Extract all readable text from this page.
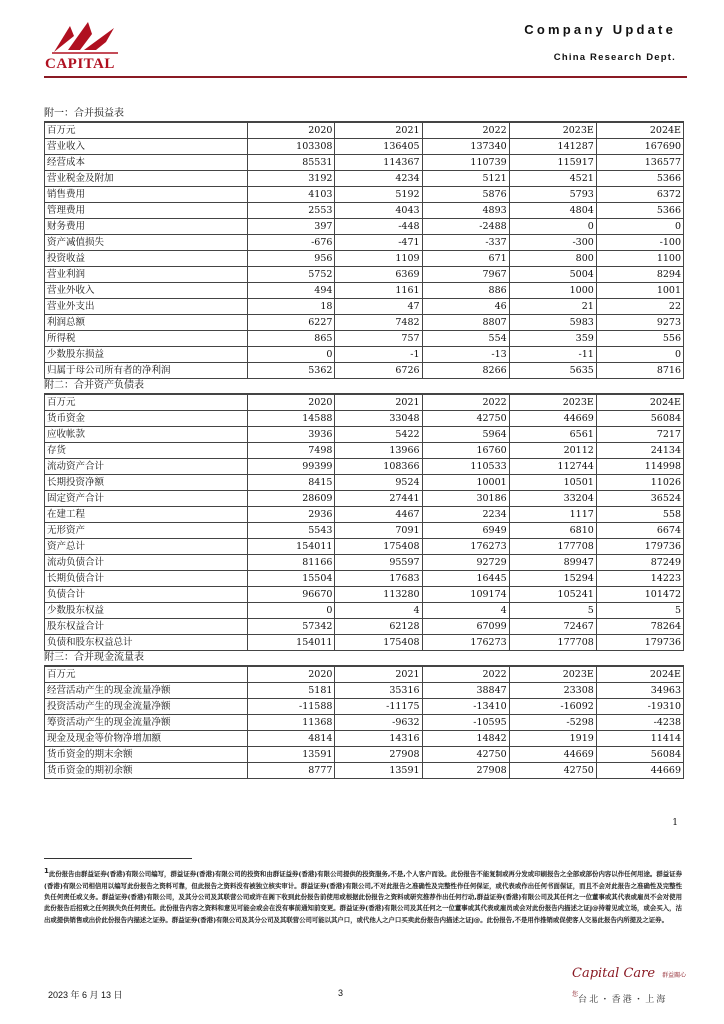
CAPITAL
Company Update
China Research Dept.
附一：合并损益表
百万元	2020	2021	2022	2023E	2024E
营业收入	103308	136405	137340	141287	167690
经营成本	85531	114367	110739	115917	136577
营业税金及附加	3192	4234	5121	4521	5366
销售费用	4103	5192	5876	5793	6372
管理费用	2553	4043	4893	4804	5366
财务费用	397	-448	-2488	0	0
资产减值损失	-676	-471	-337	-300	-100
投资收益	956	1109	671	800	1100
营业利润	5752	6369	7967	5004	8294
营业外收入	494	1161	886	1000	1001
营业外支出	18	47	46	21	22
利润总额	6227	7482	8807	5983	9273
所得税	865	757	554	359	556
少数股东损益	0	-1	-13	-11	0
归属于母公司所有者的净利润	5362	6726	8266	5635	8716
附二：合并资产负债表
百万元	2020	2021	2022	2023E	2024E
货币资金	14588	33048	42750	44669	56084
应收帐款	3936	5422	5964	6561	7217
存货	7498	13966	16760	20112	24134
流动资产合计	99399	108366	110533	112744	114998
长期投资净额	8415	9524	10001	10501	11026
固定资产合计	28609	27441	30186	33204	36524
在建工程	2936	4467	2234	1117	558
无形资产	5543	7091	6949	6810	6674
资产总计	154011	175408	176273	177708	179736
流动负债合计	81166	95597	92729	89947	87249
长期负债合计	15504	17683	16445	15294	14223
负债合计	96670	113280	109174	105241	101472
少数股东权益	0	4	4	5	5
股东权益合计	57342	62128	67099	72467	78264
负债和股东权益总计	154011	175408	176273	177708	179736
附三：合并现金流量表
百万元	2020	2021	2022	2023E	2024E
经营活动产生的现金流量净额	5181	35316	38847	23308	34963
投资活动产生的现金流量净额	-11588	-11175	-13410	-16092	-19310
筹资活动产生的现金流量净额	11368	-9632	-10595	-5298	-4238
现金及现金等价物净增加额	4814	14316	14842	1919	11414
货币资金的期末余额	13591	27908	42750	44669	56084
货币资金的期初余额	8777	13591	27908	42750	44669
1
$^1$此份报告由群益证券(香港)有限公司编写，群益证券(香港)有限公司的投资和由群证益券(香港)有限公司提供的投资服务,不是,个人客户而设。此份报告不能复制或再分发或印刷报告之全部或部份内容以作任何用途。群益证券(香港)有限公司相信用以编写此份报告之资料可靠，但此报告之资料没有被独立核实审计。群益证券(香港)有限公司,不对此报告之准确性及完整性作任何保证，或代表或作出任何书面保证，而且不会对此报告之准确性及完整性负任何责任或义务。群益证券(香港)有限公司，及其分公司及其联营公司或许在阁下收到此份报告前使用或根据此份报告之资料或研究推荐作出任何行动,群益证券(香港)有限公司及其任何之一位董事或其代表或雇员不会对使用此份报告后招致之任何损失负任何责任。此份报告内容之资料和意见可能会或会在没有事前通知前变更。群益证券(香港)有限公司及其任何之一位董事或其代表或雇员或会对此份报告内描述之证j@持着见或立场，或会买入，沽出或提供销售或出价此份报告内描述之证券。群益证券(香港)有限公司及其分公司及其联营公司可能以其户口，或代他人之户口买卖此份报告内描述之证j@。此份报告,不是用作推销或促使客人交易此报告内所提及之证券。
Capital Care 群益關心您
台北・香港・上海
2023 年 6 月 13 日	3
